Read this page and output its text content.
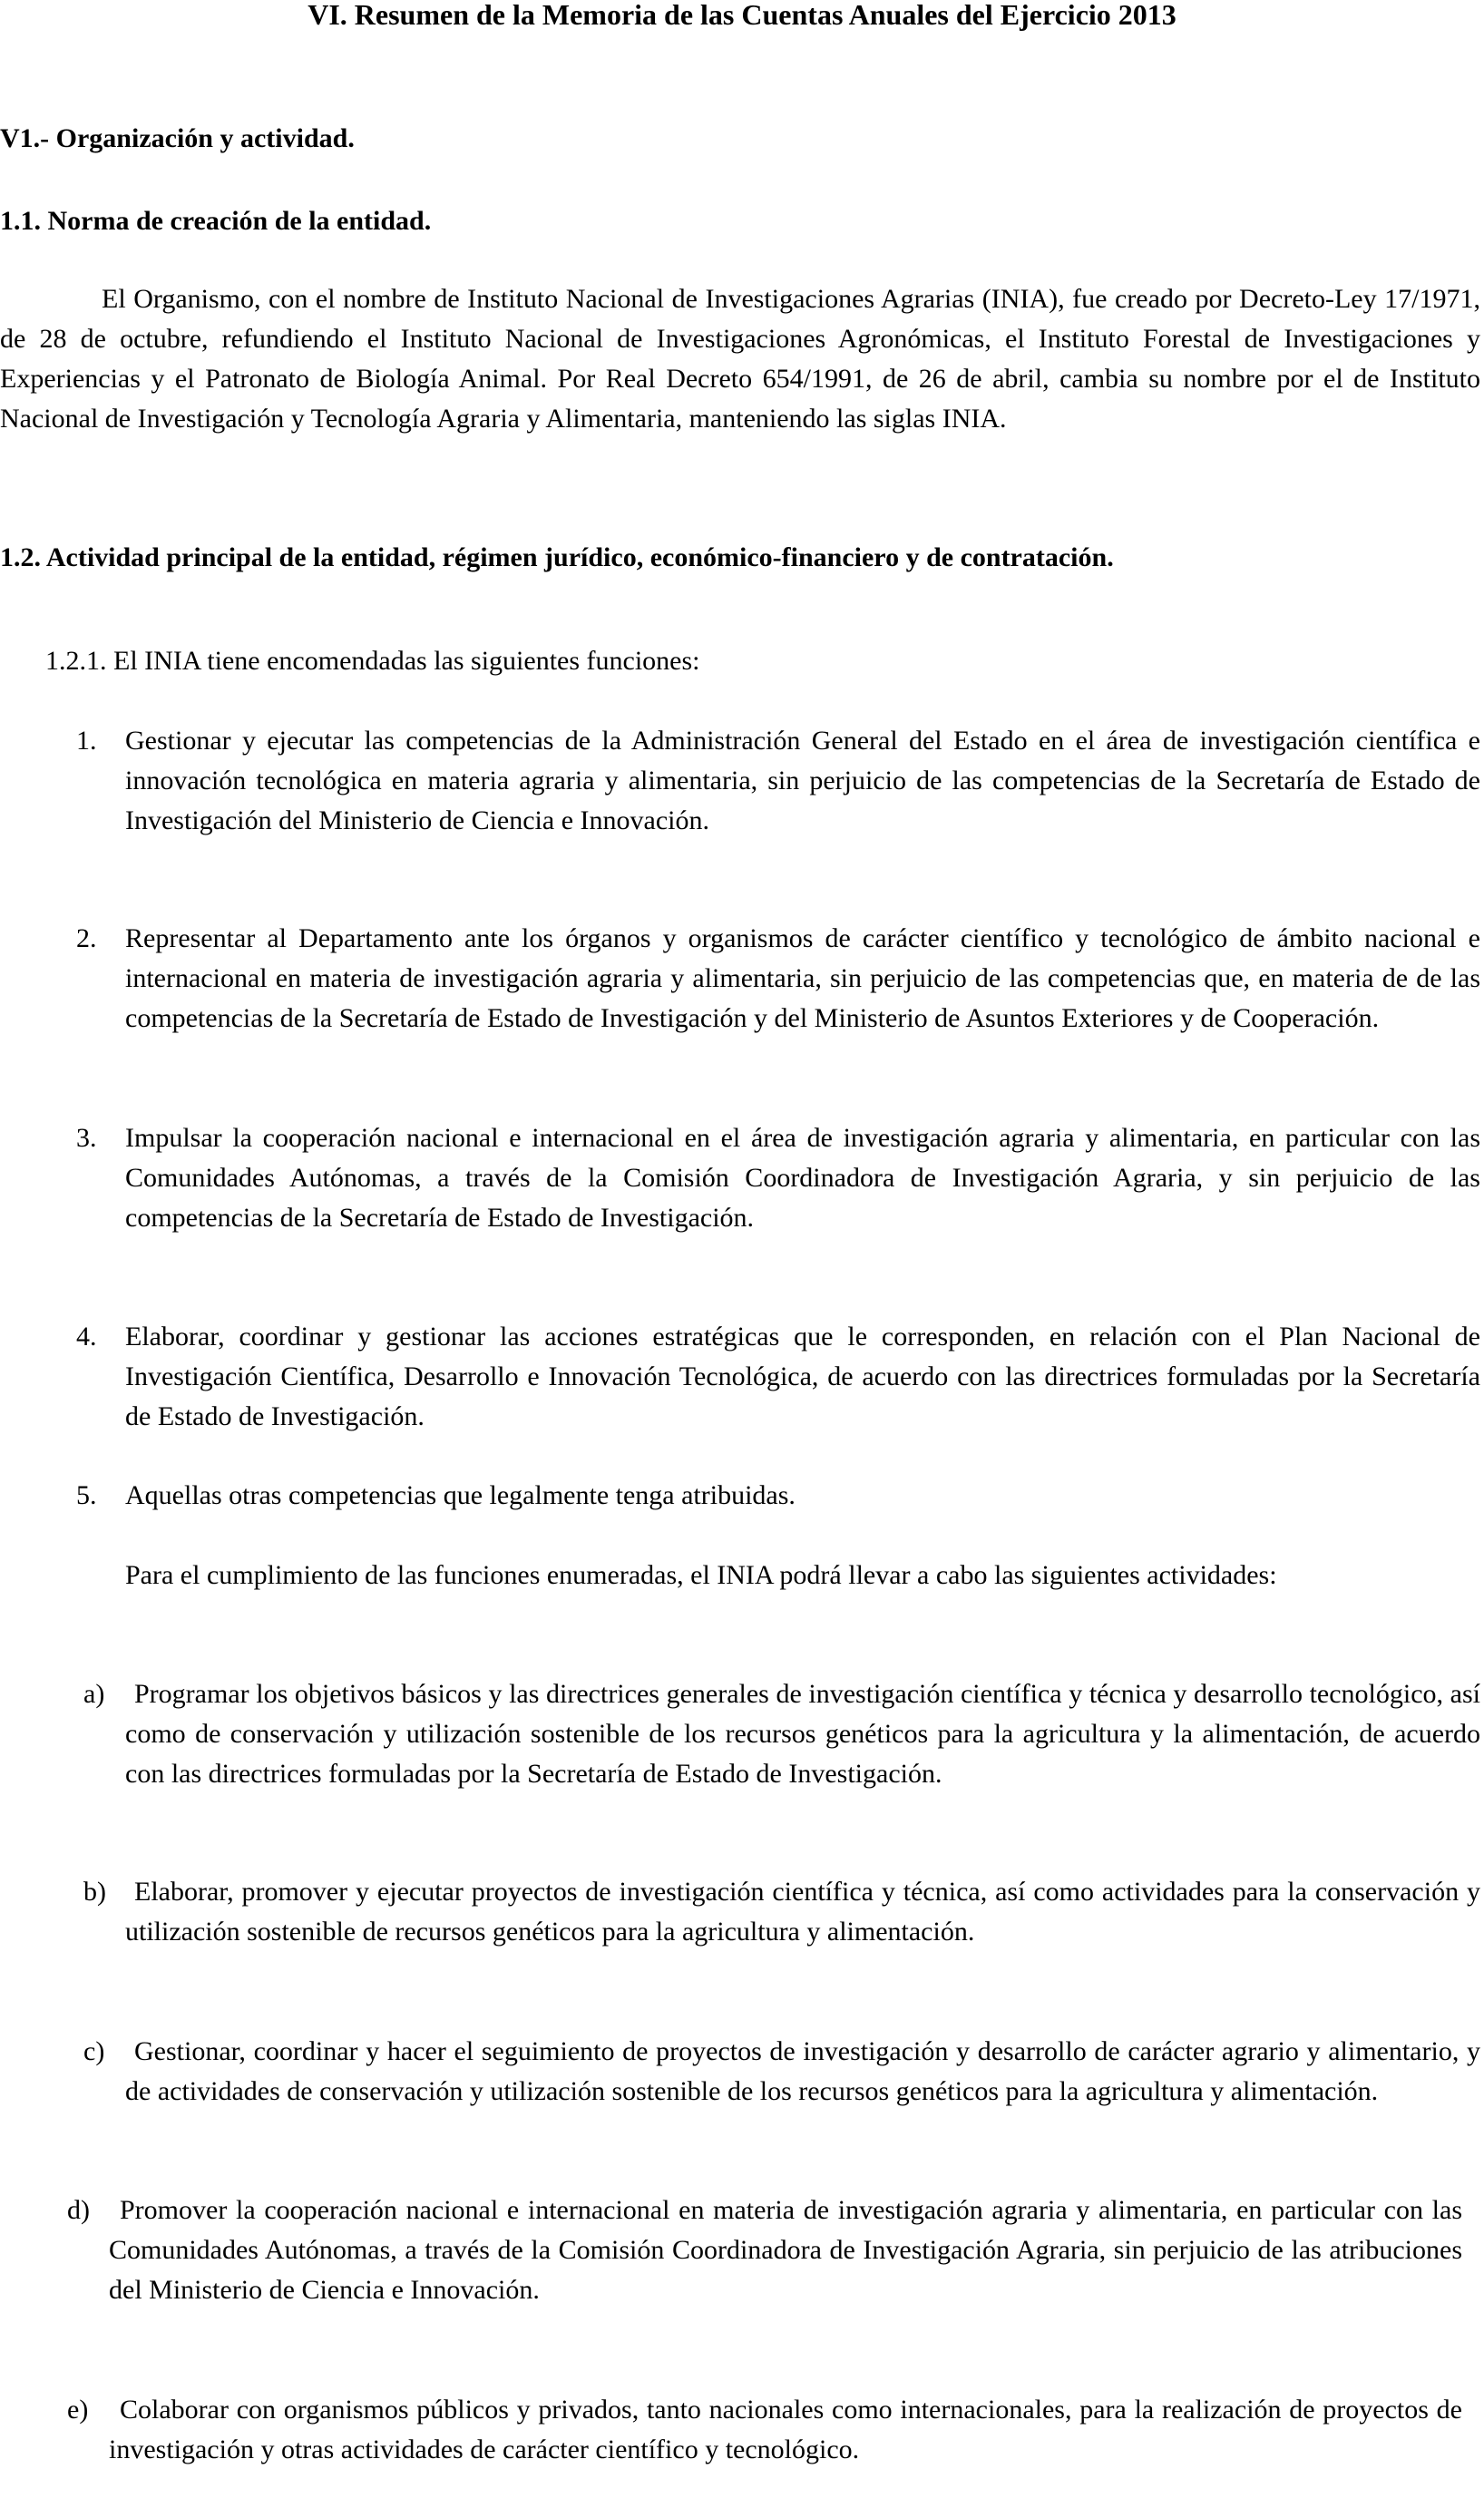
VI. Resumen de la Memoria de las Cuentas Anuales del Ejercicio 2013
V1.- Organización y actividad.
1.1. Norma de creación de la entidad.
El Organismo, con el nombre de Instituto Nacional de Investigaciones Agrarias (INIA), fue creado por Decreto-Ley 17/1971, de 28 de octubre, refundiendo el Instituto Nacional de Investigaciones Agronómicas, el Instituto Forestal de Investigaciones y Experiencias y el Patronato de Biología Animal. Por Real Decreto 654/1991, de 26 de abril, cambia su nombre por el de Instituto Nacional de Investigación y Tecnología Agraria y Alimentaria, manteniendo las siglas INIA.
1.2. Actividad principal de la entidad, régimen jurídico, económico-financiero y de contratación.
1.2.1. El INIA tiene encomendadas las siguientes funciones:
1. Gestionar y ejecutar las competencias de la Administración General del Estado en el área de investigación científica e innovación tecnológica en materia agraria y alimentaria, sin perjuicio de las competencias de la Secretaría de Estado de Investigación del Ministerio de Ciencia e Innovación.
2. Representar al Departamento ante los órganos y organismos de carácter científico y tecnológico de ámbito nacional e internacional en materia de investigación agraria y alimentaria, sin perjuicio de las competencias que, en materia de de las competencias de la Secretaría de Estado de Investigación y del Ministerio de Asuntos Exteriores y de Cooperación.
3. Impulsar la cooperación nacional e internacional en el área de investigación agraria y alimentaria, en particular con las Comunidades Autónomas, a través de la Comisión Coordinadora de Investigación Agraria, y sin perjuicio de las competencias de la Secretaría de Estado de Investigación.
4. Elaborar, coordinar y gestionar las acciones estratégicas que le corresponden, en relación con el Plan Nacional de Investigación Científica, Desarrollo e Innovación Tecnológica, de acuerdo con las directrices formuladas por la Secretaría de Estado de Investigación.
5. Aquellas otras competencias que legalmente tenga atribuidas.
Para el cumplimiento de las funciones enumeradas, el INIA podrá llevar a cabo las siguientes actividades:
a)	Programar los objetivos básicos y las directrices generales de investigación científica y técnica y desarrollo tecnológico, así como de conservación y utilización sostenible de los recursos genéticos para la agricultura y la alimentación, de acuerdo con las directrices formuladas por la Secretaría de Estado de Investigación.
b)	Elaborar, promover y ejecutar proyectos de investigación científica y técnica, así como actividades para la conservación y utilización sostenible de recursos genéticos para la agricultura y alimentación.
c)	Gestionar, coordinar y hacer el seguimiento de proyectos de investigación y desarrollo de carácter agrario y alimentario, y de actividades de conservación y utilización sostenible de los recursos genéticos para la agricultura y alimentación.
d)	Promover la cooperación nacional e internacional en materia de investigación agraria y alimentaria, en particular con las Comunidades Autónomas, a través de la Comisión Coordinadora de Investigación Agraria, sin perjuicio de las atribuciones del Ministerio de Ciencia e Innovación.
e)	Colaborar con organismos públicos y privados, tanto nacionales como internacionales, para la realización de proyectos de investigación y otras actividades de carácter científico y tecnológico.
